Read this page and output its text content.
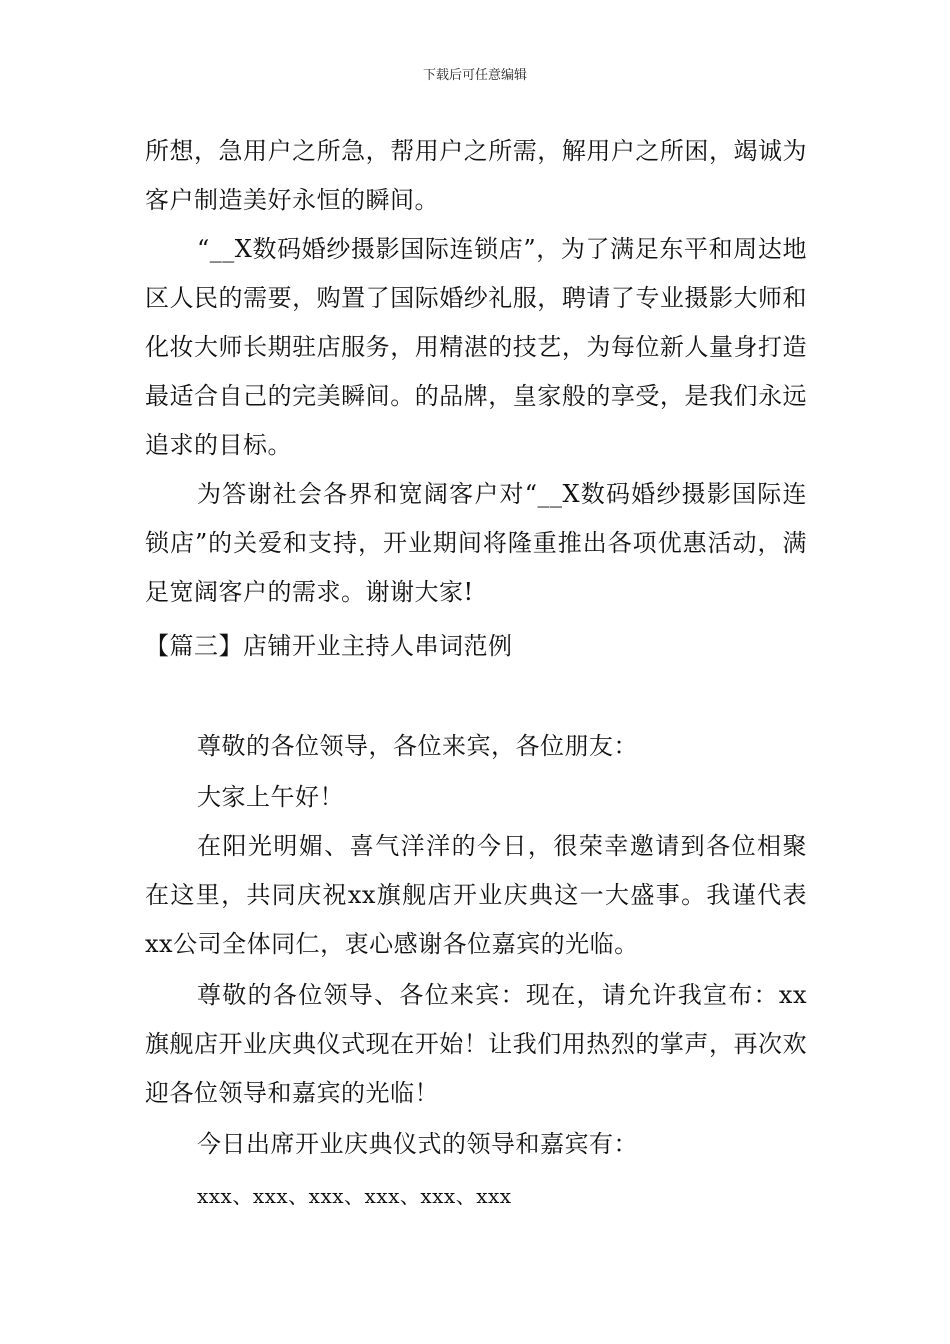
下载后可任意编辑

所想，急用户之所急，帮用户之所需，解用户之所困，竭诚为客户制造美好永恒的瞬间。

“__X数码婚纱摄影国际连锁店”，为了满足东平和周达地区人民的需要，购置了国际婚纱礼服，聘请了专业摄影大师和化妆大师长期驻店服务，用精湛的技艺，为每位新人量身打造最适合自己的完美瞬间。的品牌，皇家般的享受，是我们永远追求的目标。

为答谢社会各界和宽阔客户对“__X数码婚纱摄影国际连锁店”的关爱和支持，开业期间将隆重推出各项优惠活动，满足宽阔客户的需求。谢谢大家!

【篇三】店铺开业主持人串词范例

尊敬的各位领导，各位来宾，各位朋友：

大家上午好！

在阳光明媚、喜气洋洋的今日，很荣幸邀请到各位相聚在这里，共同庆祝xx旗舰店开业庆典这一大盛事。我谨代表xx公司全体同仁，衷心感谢各位嘉宾的光临。

尊敬的各位领导、各位来宾：现在，请允许我宣布：xx旗舰店开业庆典仪式现在开始！让我们用热烈的掌声，再次欢迎各位领导和嘉宾的光临！

今日出席开业庆典仪式的领导和嘉宾有：

xxx、xxx、xxx、xxx、xxx、xxx
